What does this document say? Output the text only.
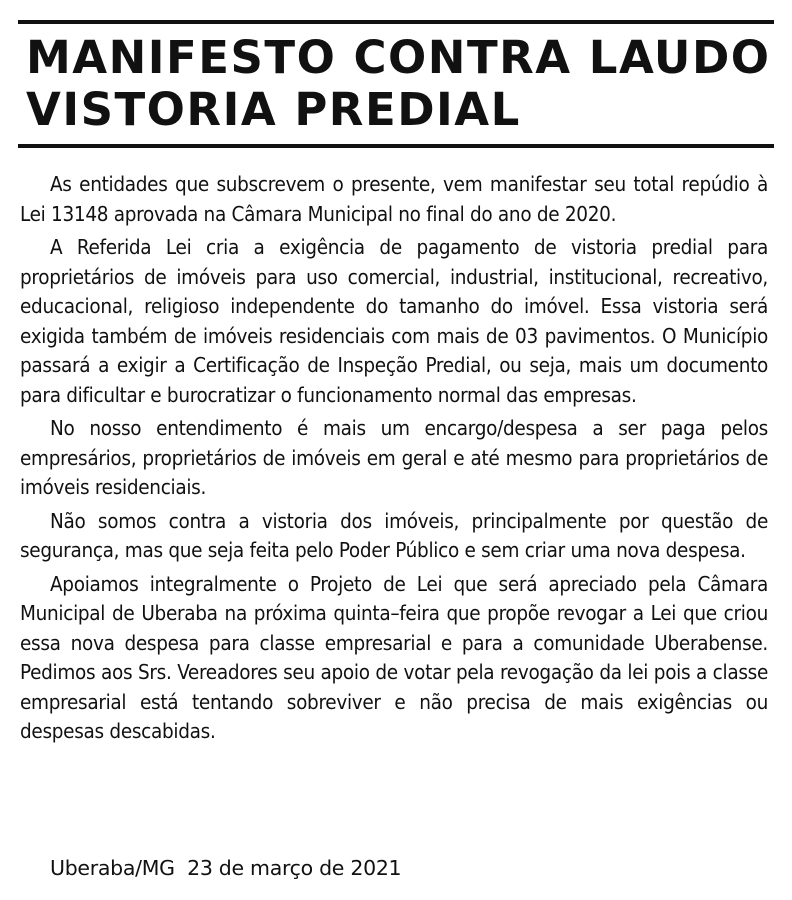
MANIFESTO CONTRA LAUDO
VISTORIA PREDIAL

As entidades que subscrevem o presente, vem manifestar seu total repúdio à Lei 13148 aprovada na Câmara Municipal no final do ano de 2020.

A Referida Lei cria a exigência de pagamento de vistoria predial para proprietários de imóveis para uso comercial, industrial, institucional, recreativo, educacional, religioso independente do tamanho do imóvel. Essa vistoria será exigida também de imóveis residenciais com mais de 03 pavimentos. O Município passará a exigir a Certificação de Inspeção Predial, ou seja, mais um documento para dificultar e burocratizar o funcionamento normal das empresas.

No nosso entendimento é mais um encargo/despesa a ser paga pelos empresários, proprietários de imóveis em geral e até mesmo para proprietários de imóveis residenciais.

Não somos contra a vistoria dos imóveis, principalmente por questão de segurança, mas que seja feita pelo Poder Público e sem criar uma nova despesa.

Apoiamos integralmente o Projeto de Lei que será apreciado pela Câmara Municipal de Uberaba na próxima quinta–feira que propõe revogar a Lei que criou essa nova despesa para classe empresarial e para a comunidade Uberabense. Pedimos aos Srs. Vereadores seu apoio de votar pela revogação da lei pois a classe empresarial está tentando sobreviver e não precisa de mais exigências ou despesas descabidas.

Uberaba/MG  23 de março de 2021
